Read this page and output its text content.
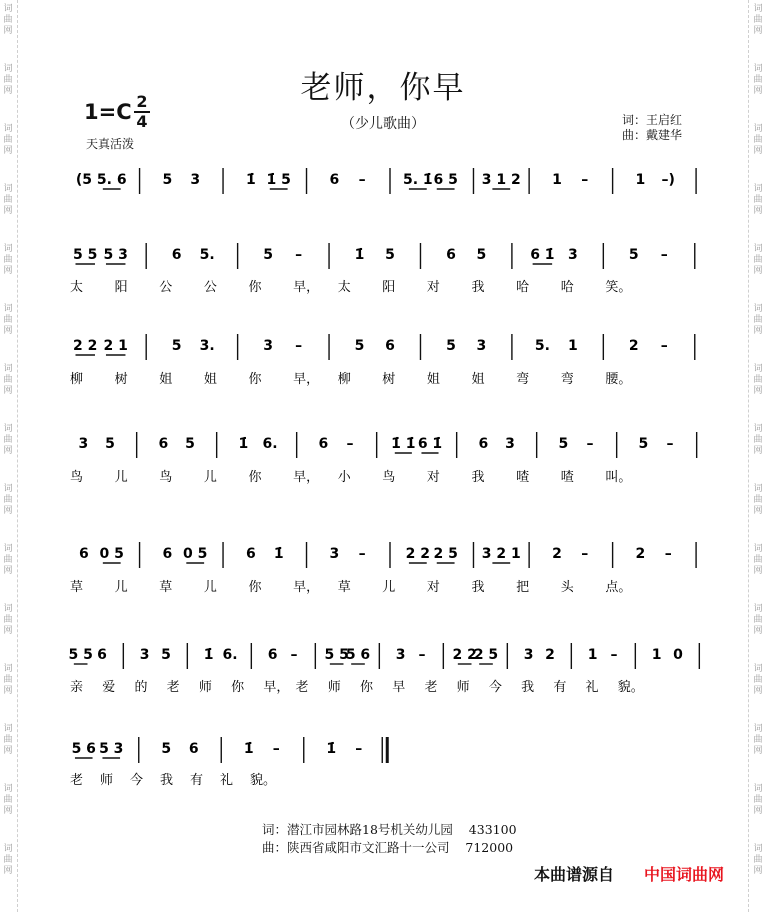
词
曲
网
词
曲
网
词
曲
网
词
曲
网
词
曲
网
词
曲
网
词
曲
网
词
曲
网
词
曲
网
词
曲
网
词
曲
网
词
曲
网
词
曲
网
词
曲
网
词
曲
网
词
曲
网
词
曲
网
词
曲
网
词
曲
网
词
曲
网
词
曲
网
词
曲
网
词
曲
网
词
曲
网
词
曲
网
词
曲
网
词
曲
网
词
曲
网
词
曲
网
词
曲
网
老师，你早
（少儿歌曲）
1=C 2
4
天真活泼
词：王启红
曲：戴建华
(5 5. 6	5 3	1̇ 1̇ 5	6 –	5. 1̇ 6 5 3 1 2 1 –	1 –)
5 5 5 3	6 5.	5 –	1̇ 5	6 5	6 1̇ 3	5 –
太 阳 公 公 你 早， 太 阳 对 我 哈 哈 笑。
2 2 2 1	5 3.	3 –	5 6	5 3	5. 1	2 –
柳 树 姐 姐 你 早， 柳 树 姐 姐 弯 弯 腰。
3 5	6 5	1̇ 6.	6 –	1̇ 1̇ 6 1̇	6 3	5 –	5 –
鸟 儿 鸟 儿 你 早， 小 鸟 对 我 喳 喳 叫。
6 0 5	6 0 5	6 1̇	3 –	2 2 2 5 3 2 1 2 –	2 –
草 儿 草 儿 你 早， 草 儿 对 我 把 头 点。
5 5 6 3 5 1̇ 6. 6 – 5 5
5 6 3 – 2 2
2 5 3 2 1 – 1 0
亲 爱 的 老 师 你 早， 老 师 你 早 老 师 今 我 有 礼 貌。
5 6 5 3	5 6	1̇ –	1̇ –
老 师 今 我 有 礼 貌。
词：潜江市园林路18号机关幼儿园    433100
曲：陕西省咸阳市文汇路十一公司    712000
本曲谱源自 中国词曲网
